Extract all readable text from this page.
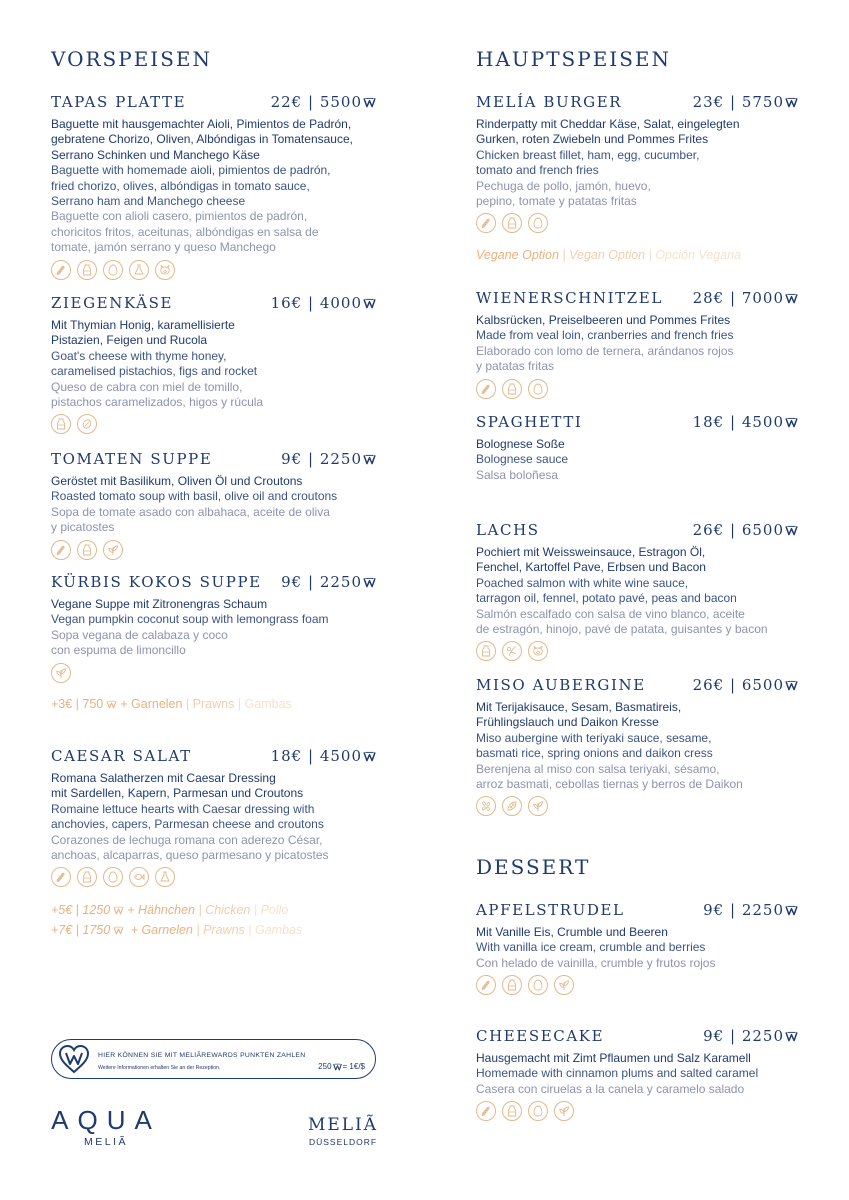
VORSPEISEN
TAPAS PLATTE	22€ | 5500
Baguette mit hausgemachter Aioli, Pimientos de Padrón,
gebratene Chorizo, Oliven, Albóndigas in Tomatensauce,
Serrano Schinken und Manchego Käse
Baguette with homemade aioli, pimientos de padrón,
fried chorizo, olives, albóndigas in tomato sauce,
Serrano ham and Manchego cheese
Baguette con alioli casero, pimientos de padrón,
choricitos fritos, aceitunas, albóndigas en salsa de
tomate, jamón serrano y queso Manchego
ZIEGENKÄSE	16€ | 4000
Mit Thymian Honig, karamellisierte
Pistazien, Feigen und Rucola
Goat's cheese with thyme honey,
caramelised pistachios, figs and rocket
Queso de cabra con miel de tomillo,
pistachos caramelizados, higos y rúcula
TOMATEN SUPPE	9€ | 2250
Geröstet mit Basilikum, Oliven Öl und Croutons
Roasted tomato soup with basil, olive oil and croutons
Sopa de tomate asado con albahaca, aceite de oliva
y picatostes
KÜRBIS KOKOS SUPPE 9€ | 2250
Vegane Suppe mit Zitronengras Schaum
Vegan pumpkin coconut soup with lemongrass foam
Sopa vegana de calabaza y coco
con espuma de limoncillo
+3€ | 750 + Garnelen | Prawns | Gambas
CAESAR SALAT	18€ | 4500
Romana Salatherzen mit Caesar Dressing
mit Sardellen, Kapern, Parmesan und Croutons
Romaine lettuce hearts with Caesar dressing with
anchovies, capers, Parmesan cheese and croutons
Corazones de lechuga romana con aderezo César,
anchoas, alcaparras, queso parmesano y picatostes
+5€ | 1250 + Hähnchen | Chicken | Pollo
+7€ | 1750 + Garnelen | Prawns | Gambas
HAUPTSPEISEN
MELÍA BURGER	23€ | 5750
Rinderpatty mit Cheddar Käse, Salat, eingelegten
Gurken, roten Zwiebeln und Pommes Frites
Chicken breast fillet, ham, egg, cucumber,
tomato and french fries
Pechuga de pollo, jamón, huevo,
pepino, tomate y patatas fritas
Vegane Option | Vegan Option | Opción Vegana
WIENERSCHNITZEL 28€ | 7000
Kalbsrücken, Preiselbeeren und Pommes Frites
Made from veal loin, cranberries and french fries
Elaborado con lomo de ternera, arándanos rojos
y patatas fritas
SPAGHETTI	18€ | 4500
Bolognese Soße
Bolognese sauce
Salsa boloñesa
LACHS	26€ | 6500
Pochiert mit Weissweinsauce, Estragon Öl,
Fenchel, Kartoffel Pave, Erbsen und Bacon
Poached salmon with white wine sauce,
tarragon oil, fennel, potato pavé, peas and bacon
Salmón escalfado con salsa de vino blanco, aceite
de estragón, hinojo, pavé de patata, guisantes y bacon
MISO AUBERGINE	26€ | 6500
Mit Terijakisauce, Sesam, Basmatireis,
Frühlingslauch und Daikon Kresse
Miso aubergine with teriyaki sauce, sesame,
basmati rice, spring onions and daikon cress
Berenjena al miso con salsa teriyaki, sésamo,
arroz basmati, cebollas tiernas y berros de Daikon
DESSERT
APFELSTRUDEL	9€ | 2250
Mit Vanille Eis, Crumble und Beeren
With vanilla ice cream, crumble and berries
Con helado de vainilla, crumble y frutos rojos
CHEESECAKE	9€ | 2250
Hausgemacht mit Zimt Pflaumen und Salz Karamell
Homemade with cinnamon plums and salted caramel
Casera con ciruelas a la canela y caramelo salado
HIER KÖNNEN SIE MIT MELIÃREWARDS PUNKTEN ZAHLEN
Weitere Informationen erhalten Sie an der Rezeption.	250 = 1€/$
AQUA
MELIÃ
MELIÃ
DÜSSELDORF
